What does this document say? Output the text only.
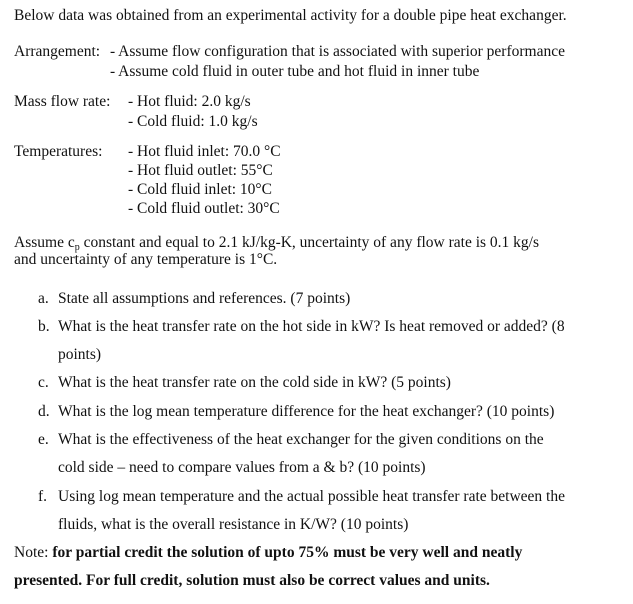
Below data was obtained from an experimental activity for a double pipe heat exchanger.
Arrangement: - Assume flow configuration that is associated with superior performance
- Assume cold fluid in outer tube and hot fluid in inner tube
Mass flow rate: - Hot fluid: 2.0 kg/s
- Cold fluid: 1.0 kg/s
Temperatures: - Hot fluid inlet: 70.0 °C
- Hot fluid outlet: 55°C
- Cold fluid inlet: 10°C
- Cold fluid outlet: 30°C
Assume $c_p$ constant and equal to 2.1 kJ/kg-K, uncertainty of any flow rate is 0.1 kg/s
and uncertainty of any temperature is 1°C.
a. State all assumptions and references. (7 points)
b. What is the heat transfer rate on the hot side in kW? Is heat removed or added? (8
points)
c. What is the heat transfer rate on the cold side in kW? (5 points)
d. What is the log mean temperature difference for the heat exchanger? (10 points)
e. What is the effectiveness of the heat exchanger for the given conditions on the
cold side – need to compare values from a & b? (10 points)
f. Using log mean temperature and the actual possible heat transfer rate between the
fluids, what is the overall resistance in K/W? (10 points)
Note: for partial credit the solution of upto 75% must be very well and neatly
presented. For full credit, solution must also be correct values and units.
